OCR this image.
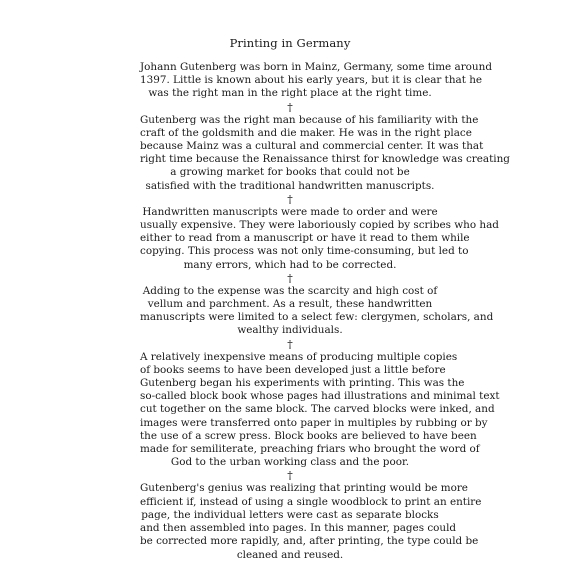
Printing in Germany
Johann Gutenberg was born in Mainz, Germany, some time around
1397. Little is known about his early years, but it is clear that he
was the right man in the right place at the right time.
†
Gutenberg was the right man because of his familiarity with the
craft of the goldsmith and die maker. He was in the right place
because Mainz was a cultural and commercial center. It was that
right time because the Renaissance thirst for knowledge was creating
a growing market for books that could not be
satisfied with the traditional handwritten manuscripts.
†
Handwritten manuscripts were made to order and were
usually expensive. They were laboriously copied by scribes who had
either to read from a manuscript or have it read to them while
copying. This process was not only time-consuming, but led to
many errors, which had to be corrected.
†
Adding to the expense was the scarcity and high cost of
vellum and parchment. As a result, these handwritten
manuscripts were limited to a select few: clergymen, scholars, and
wealthy individuals.
†
A relatively inexpensive means of producing multiple copies
of books seems to have been developed just a little before
Gutenberg began his experiments with printing. This was the
so-called block book whose pages had illustrations and minimal text
cut together on the same block. The carved blocks were inked, and
images were transferred onto paper in multiples by rubbing or by
the use of a screw press. Block books are believed to have been
made for semiliterate, preaching friars who brought the word of
God to the urban working class and the poor.
†
Gutenberg's genius was realizing that printing would be more
efficient if, instead of using a single woodblock to print an entire
page, the individual letters were cast as separate blocks
and then assembled into pages. In this manner, pages could
be corrected more rapidly, and, after printing, the type could be
cleaned and reused.
